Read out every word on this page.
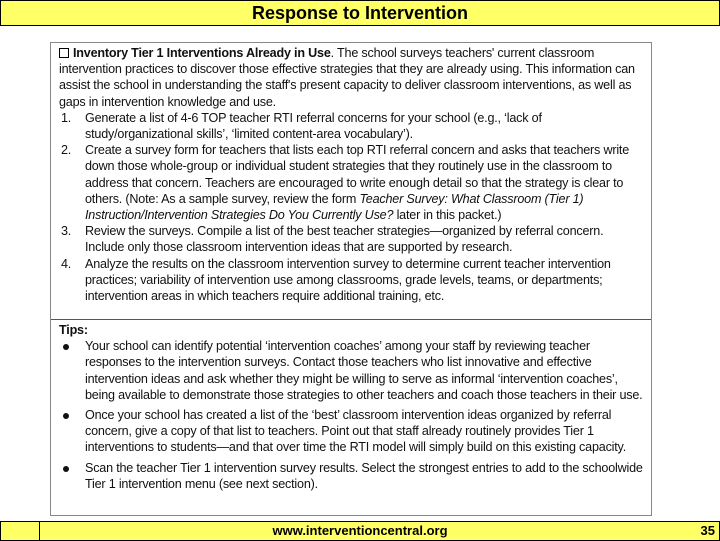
Response to Intervention
Inventory Tier 1 Interventions Already in Use. The school surveys teachers' current classroom intervention practices to discover those effective strategies that they are already using. This information can assist the school in understanding the staff's present capacity to deliver classroom interventions, as well as gaps in intervention knowledge and use.
1. Generate a list of 4-6 TOP teacher RTI referral concerns for your school (e.g., ‘lack of study/organizational skills’, ‘limited content-area vocabulary’).
2. Create a survey form for teachers that lists each top RTI referral concern and asks that teachers write down those whole-group or individual student strategies that they routinely use in the classroom to address that concern. Teachers are encouraged to write enough detail so that the strategy is clear to others. (Note: As a sample survey, review the form Teacher Survey: What Classroom (Tier 1) Instruction/Intervention Strategies Do You Currently Use? later in this packet.)
3. Review the surveys. Compile a list of the best teacher strategies—organized by referral concern. Include only those classroom intervention ideas that are supported by research.
4. Analyze the results on the classroom intervention survey to determine current teacher intervention practices; variability of intervention use among classrooms, grade levels, teams, or departments; intervention areas in which teachers require additional training, etc.
Tips:
Your school can identify potential ‘intervention coaches’ among your staff by reviewing teacher responses to the intervention surveys. Contact those teachers who list innovative and effective intervention ideas and ask whether they might be willing to serve as informal ‘intervention coaches’, being available to demonstrate those strategies to other teachers and coach those teachers in their use.
Once your school has created a list of the ‘best’ classroom intervention ideas organized by referral concern, give a copy of that list to teachers. Point out that staff already routinely provides Tier 1 interventions to students—and that over time the RTI model will simply build on this existing capacity.
Scan the teacher Tier 1 intervention survey results. Select the strongest entries to add to the schoolwide Tier 1 intervention menu (see next section).
www.interventioncentral.org	35
